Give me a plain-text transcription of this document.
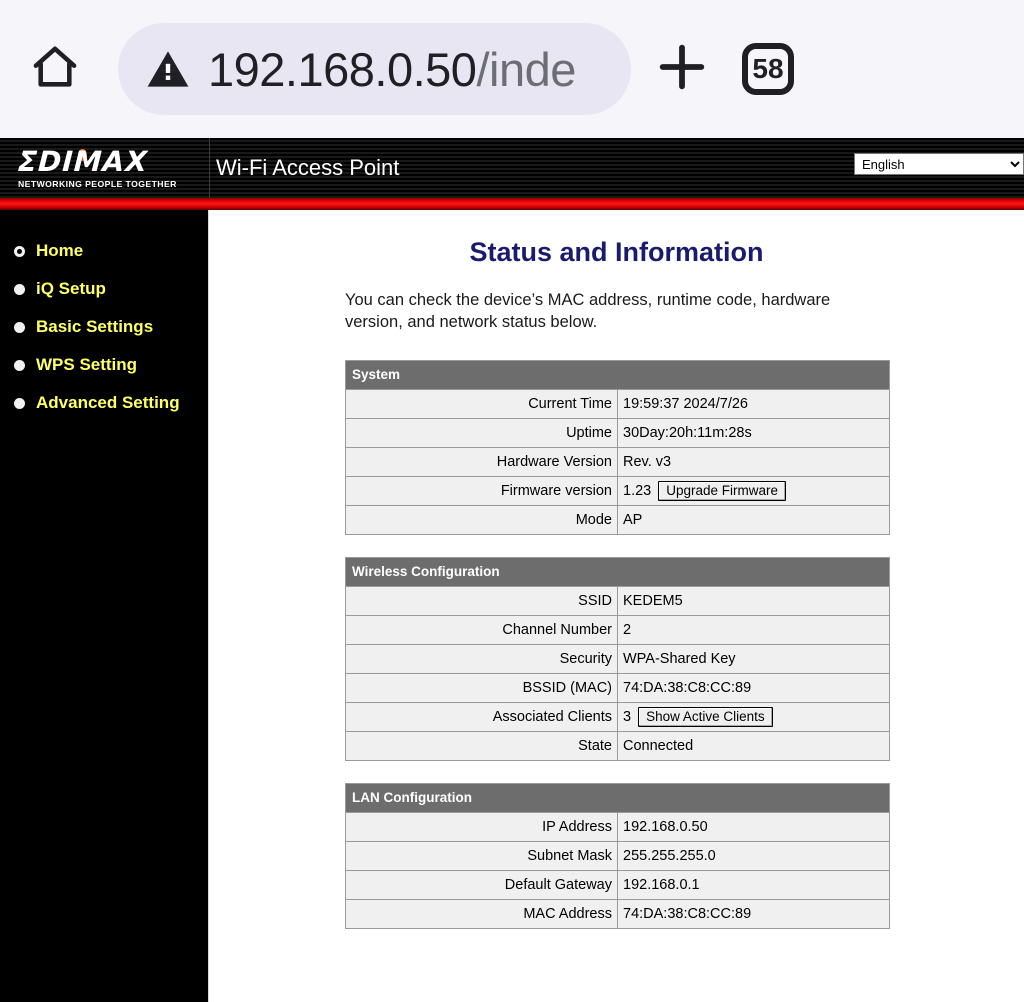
192.168.0.50/inde	58
ΣDIMAX
NETWORKING PEOPLE TOGETHER
Wi-Fi Access Point
English
Home
iQ Setup
Basic Settings
WPS Setting
Advanced Setting
Status and Information

You can check the device’s MAC address, runtime code, hardware version, and network status below.

System	
Current Time	19:59:37 2024/7/26
Uptime	30Day:20h:11m:28s
Hardware Version	Rev. v3
Firmware version	1.23 Upgrade Firmware
Mode	AP
Wireless Configuration	
SSID	KEDEM5
Channel Number	2
Security	WPA-Shared Key
BSSID (MAC)	74:DA:38:C8:CC:89
Associated Clients	3 Show Active Clients
State	Connected
LAN Configuration	
IP Address	192.168.0.50
Subnet Mask	255.255.255.0
Default Gateway	192.168.0.1
MAC Address	74:DA:38:C8:CC:89
